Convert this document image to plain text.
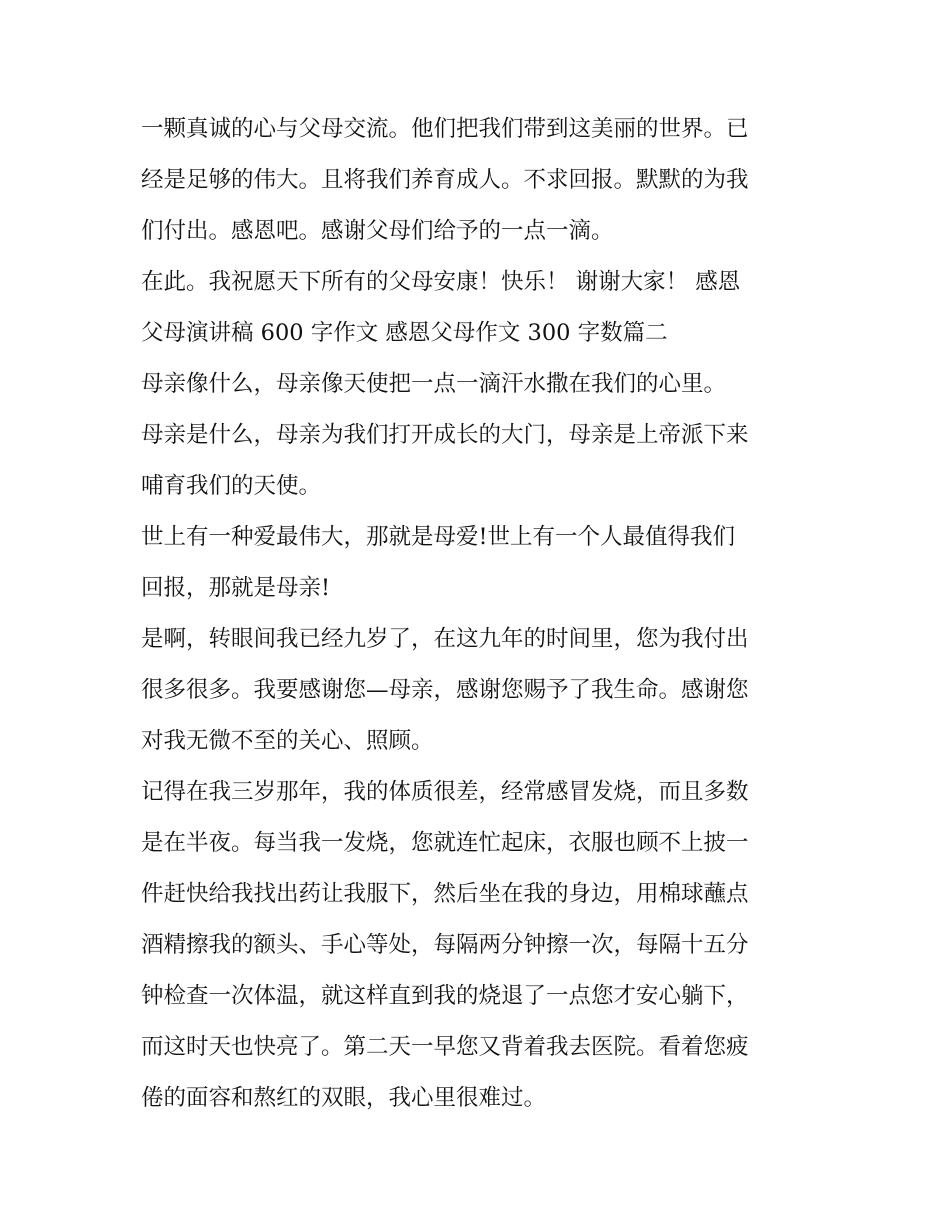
一颗真诚的心与父母交流。他们把我们带到这美丽的世界。已
经是足够的伟大。且将我们养育成人。不求回报。默默的为我
们付出。感恩吧。感谢父母们给予的一点一滴。
在此。我祝愿天下所有的父母安康！快乐！ 谢谢大家！ 感恩
父母演讲稿 600 字作文 感恩父母作文 300 字数篇二
母亲像什么，母亲像天使把一点一滴汗水撒在我们的心里。
母亲是什么，母亲为我们打开成长的大门，母亲是上帝派下来
哺育我们的天使。
世上有一种爱最伟大，那就是母爱!世上有一个人最值得我们
回报，那就是母亲!
是啊，转眼间我已经九岁了，在这九年的时间里，您为我付出
很多很多。我要感谢您—母亲，感谢您赐予了我生命。感谢您
对我无微不至的关心、照顾。
记得在我三岁那年，我的体质很差，经常感冒发烧，而且多数
是在半夜。每当我一发烧，您就连忙起床，衣服也顾不上披一
件赶快给我找出药让我服下，然后坐在我的身边，用棉球蘸点
酒精擦我的额头、手心等处，每隔两分钟擦一次，每隔十五分
钟检查一次体温，就这样直到我的烧退了一点您才安心躺下，
而这时天也快亮了。第二天一早您又背着我去医院。看着您疲
倦的面容和熬红的双眼，我心里很难过。
